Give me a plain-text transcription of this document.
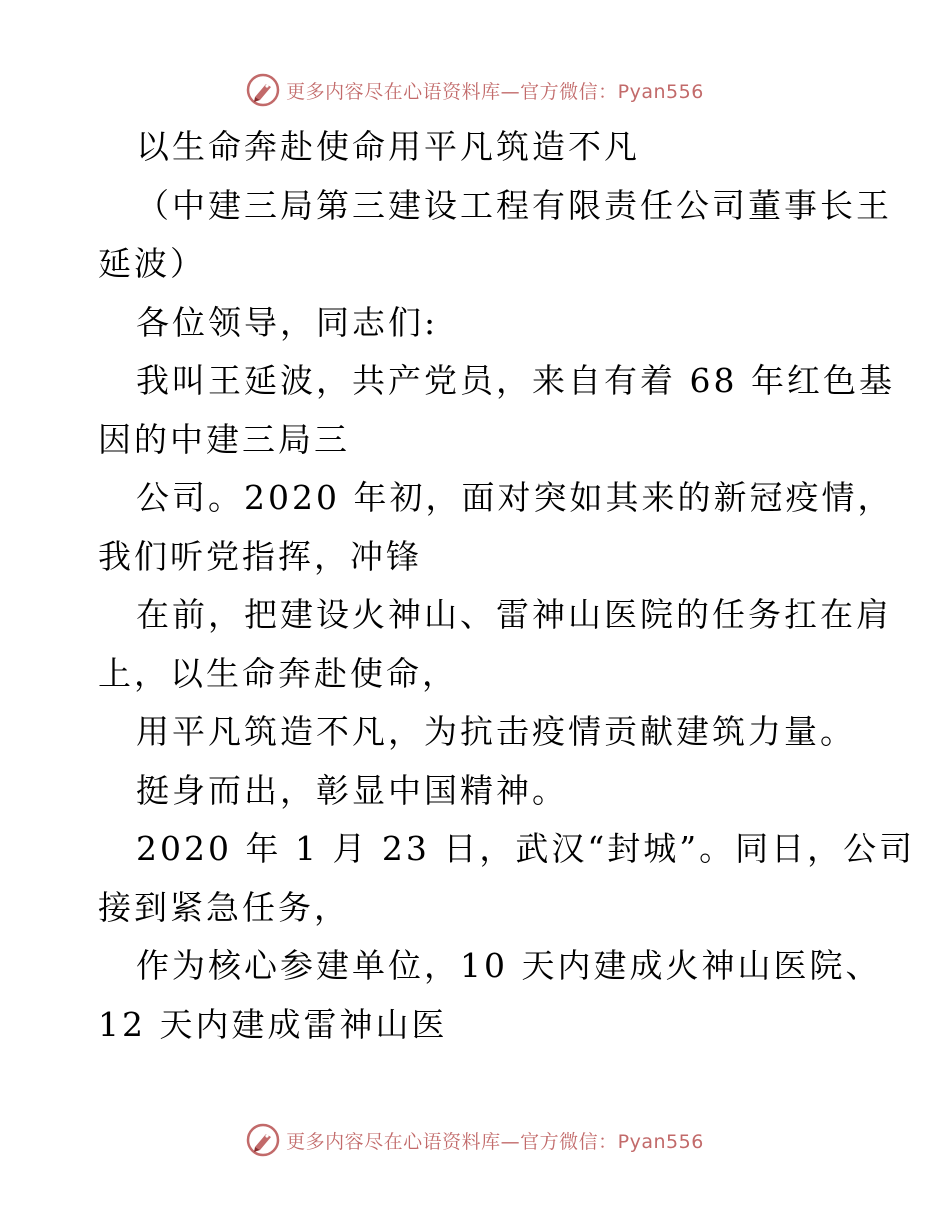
更多内容尽在心语资料库—官方微信：Pyan556
以生命奔赴使命用平凡筑造不凡
（中建三局第三建设工程有限责任公司董事长王
延波）
各位领导，同志们:
我叫王延波，共产党员，来自有着 68 年红色基
因的中建三局三
公司。2020 年初，面对突如其来的新冠疫情，
我们听党指挥，冲锋
在前，把建设火神山、雷神山医院的任务扛在肩
上，以生命奔赴使命，
用平凡筑造不凡，为抗击疫情贡献建筑力量。
挺身而出，彰显中国精神。
2020 年 1 月 23 日，武汉“封城”。同日，公司
接到紧急任务，
作为核心参建单位，10 天内建成火神山医院、
12 天内建成雷神山医
更多内容尽在心语资料库—官方微信：Pyan556
